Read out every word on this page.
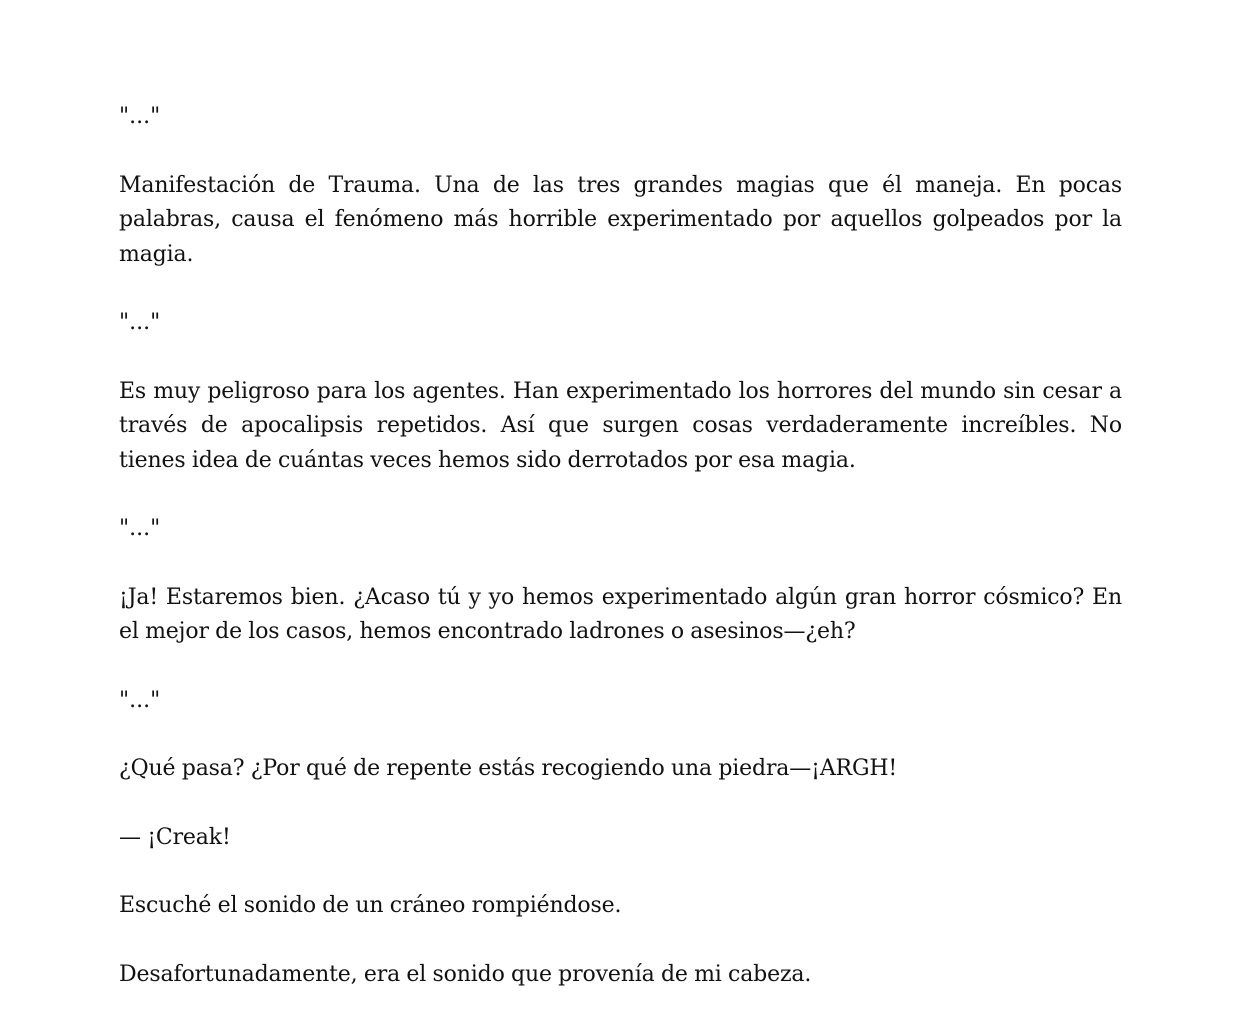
"..."

Manifestación de Trauma. Una de las tres grandes magias que él maneja. En pocas palabras, causa el fenómeno más horrible experimentado por aquellos golpeados por la magia.

"..."

Es muy peligroso para los agentes. Han experimentado los horrores del mundo sin cesar a través de apocalipsis repetidos. Así que surgen cosas verdaderamente increíbles. No tienes idea de cuántas veces hemos sido derrotados por esa magia.

"..."

¡Ja! Estaremos bien. ¿Acaso tú y yo hemos experimentado algún gran horror cósmico? En el mejor de los casos, hemos encontrado ladrones o asesinos—¿eh?

"..."

¿Qué pasa? ¿Por qué de repente estás recogiendo una piedra—¡ARGH!

— ¡Creak!

Escuché el sonido de un cráneo rompiéndose.

Desafortunadamente, era el sonido que provenía de mi cabeza.
